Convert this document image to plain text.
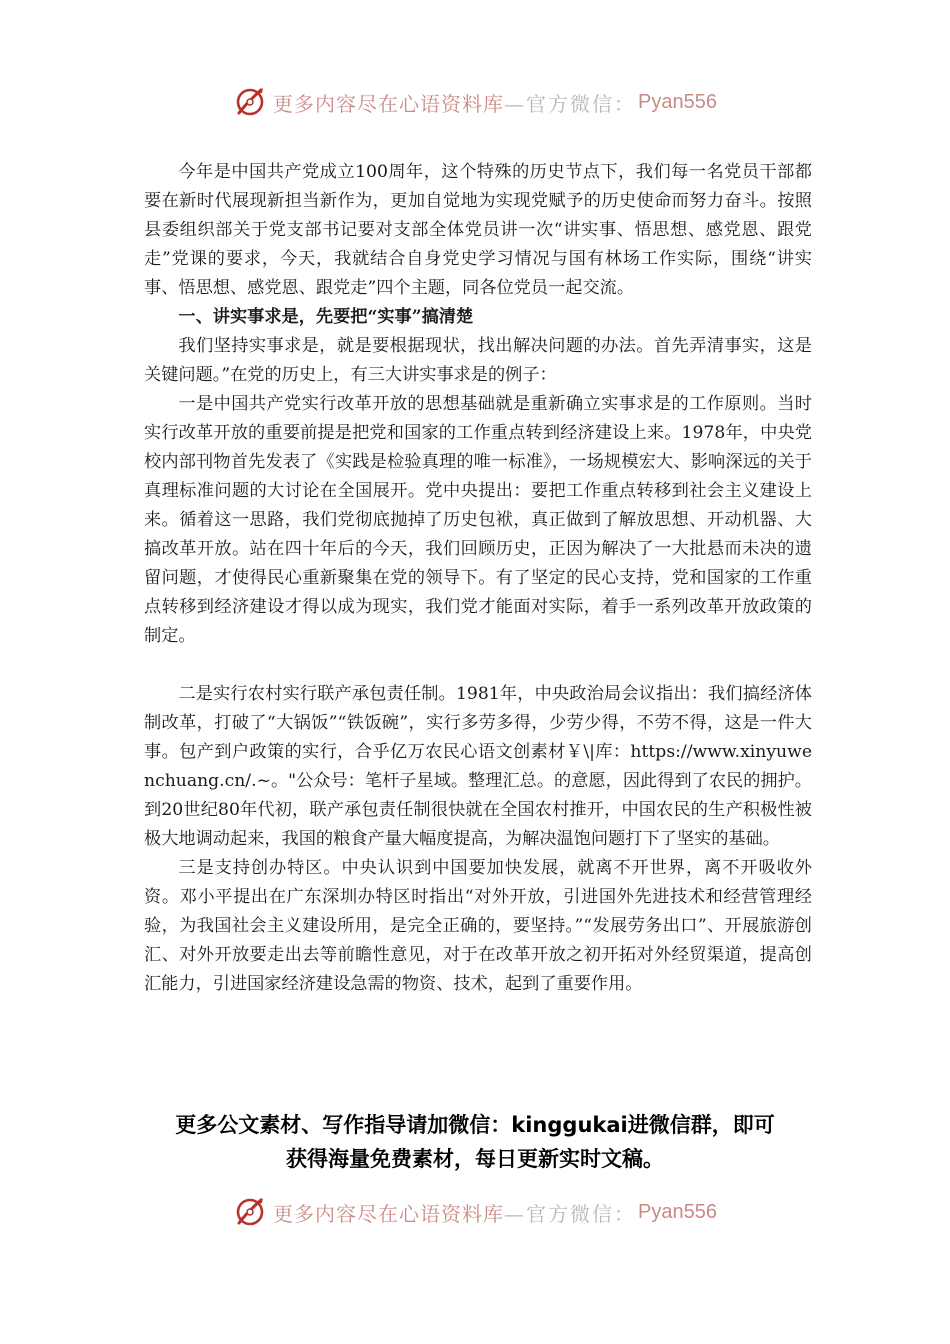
更多内容尽在心语资料库 —官方微信： Pyan556

今年是中国共产党成立100周年，这个特殊的历史节点下，我们每一名党员干部都要在新时代展现新担当新作为，更加自觉地为实现党赋予的历史使命而努力奋斗。按照县委组织部关于党支部书记要对支部全体党员讲一次“讲实事、悟思想、感党恩、跟党走”党课的要求，今天，我就结合自身党史学习情况与国有林场工作实际，围绕“讲实事、悟思想、感党恩、跟党走”四个主题，同各位党员一起交流。

一、讲实事求是，先要把“实事”搞清楚

我们坚持实事求是，就是要根据现状，找出解决问题的办法。首先弄清事实，这是关键问题。”在党的历史上，有三大讲实事求是的例子：

一是中国共产党实行改革开放的思想基础就是重新确立实事求是的工作原则。当时实行改革开放的重要前提是把党和国家的工作重点转到经济建设上来。1978年，中央党校内部刊物首先发表了《实践是检验真理的唯一标准》，一场规模宏大、影响深远的关于真理标准问题的大讨论在全国展开。党中央提出：要把工作重点转移到社会主义建设上来。循着这一思路，我们党彻底抛掉了历史包袱，真正做到了解放思想、开动机器、大搞改革开放。站在四十年后的今天，我们回顾历史，正因为解决了一大批悬而未决的遗留问题，才使得民心重新聚集在党的领导下。有了坚定的民心支持，党和国家的工作重点转移到经济建设才得以成为现实，我们党才能面对实际，着手一系列改革开放政策的制定。

二是实行农村实行联产承包责任制。1981年，中央政治局会议指出：我们搞经济体制改革，打破了“大锅饭”“铁饭碗”，实行多劳多得，少劳少得，不劳不得，这是一件大事。包产到户政策的实行，合乎亿万农民心语文创素材￥\|库：https://www.xinyuwenchuang.cn/.~。"公众号：笔杆子星域。整理汇总。的意愿，因此得到了农民的拥护。到20世纪80年代初，联产承包责任制很快就在全国农村推开，中国农民的生产积极性被极大地调动起来，我国的粮食产量大幅度提高，为解决温饱问题打下了坚实的基础。

三是支持创办特区。中央认识到中国要加快发展，就离不开世界，离不开吸收外资。邓小平提出在广东深圳办特区时指出“对外开放，引进国外先进技术和经营管理经验，为我国社会主义建设所用，是完全正确的，要坚持。”“发展劳务出口”、开展旅游创汇、对外开放要走出去等前瞻性意见，对于在改革开放之初开拓对外经贸渠道，提高创汇能力，引进国家经济建设急需的物资、技术，起到了重要作用。

更多公文素材、写作指导请加微信：kinggukai进微信群，即可
获得海量免费素材，每日更新实时文稿。
更多内容尽在心语资料库 —官方微信： Pyan556
